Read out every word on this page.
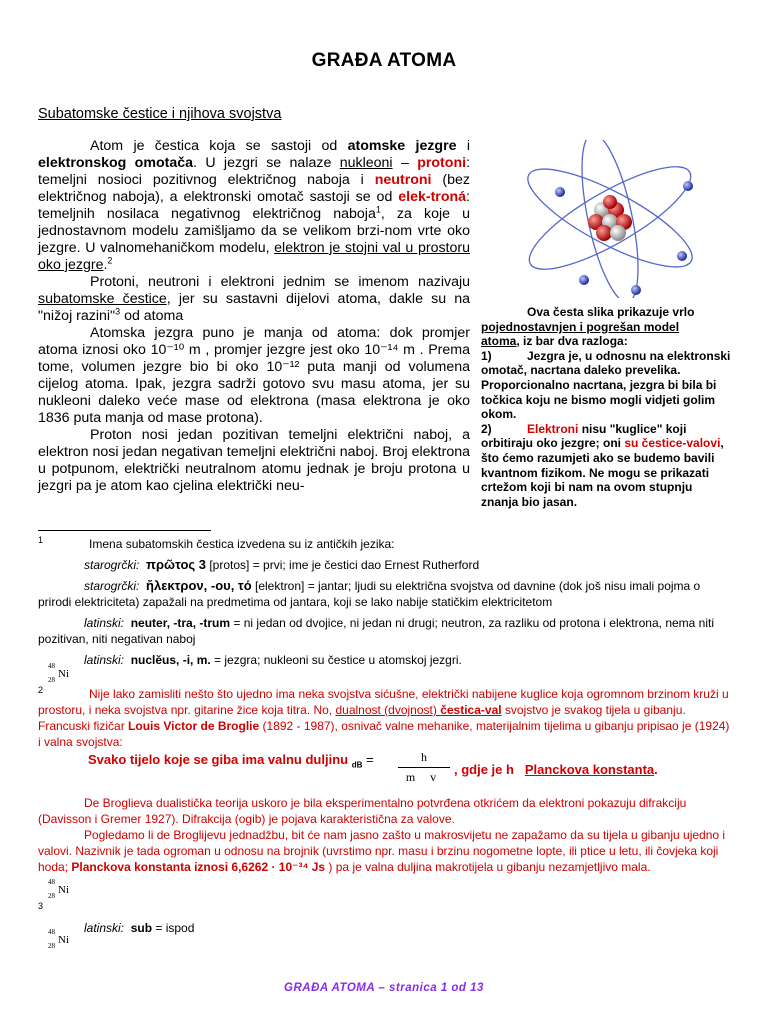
GRAĐA ATOMA
Subatomske čestice i njihova svojstva

Atom je čestica koja se sastoji od atomske jezgre i elektronskog omotača. U jezgri se nalaze nukleoni – protoni: temeljni nosioci pozitivnog električnog naboja i neutroni (bez električnog naboja), a elektronski omotač sastoji se od elek-troná: temeljnih nosilaca negativnog električnog naboja$^1$, za koje u jednostavnom modelu zamišljamo da se velikom brzi-nom vrte oko jezgre. U valnomehaničkom modelu, elektron je stojni val u prostoru oko jezgre.$^2$

Protoni, neutroni i elektroni jednim se imenom nazivaju subatomske čestice, jer su sastavni dijelovi atoma, dakle su na "nižoj razini"$^3$ od atoma

Atomska jezgra puno je manja od atoma: dok promjer atoma iznosi oko 10⁻¹⁰ m , promjer jezgre jest oko 10⁻¹⁴ m . Prema tome, volumen jezgre bio bi oko 10⁻¹² puta manji od volumena cijelog atoma. Ipak, jezgra sadrži gotovo svu masu atoma, jer su nukleoni daleko veće mase od elektrona (masa elektrona je oko 1836 puta manja od mase protona).

Proton nosi jedan pozitivan temeljni električni naboj, a elektron nosi jedan negativan temeljni električni naboj. Broj elektrona u potpunom, električki neutralnom atomu jednak je broju protona u jezgri pa je atom kao cjelina električki neu-

Ova česta slika prikazuje vrlo
pojednostavnjen i pogrešan model
atoma, iz bar dva razloga:
1)	Jezgra je, u odnosnu na elektronski omotač, nacrtana daleko prevelika. Proporcionalno nacrtana, jezgra bi bila bi točkica koju ne bismo mogli vidjeti golim okom.
2)	Elektroni nisu "kuglice" koji orbitiraju oko jezgre; oni su čestice-valovi, što ćemo razumjeti ako se budemo bavili kvantnom fizikom. Ne mogu se prikazati crtežom koji bi nam na ovom stupnju znanja bio jasan.
$^1$	Imena subatomskih čestica izvedena su iz antičkih jezika:
starogrčki: πρῶτος 3 [protos] = prvi; ime je čestici dao Ernest Rutherford
starogrčki: ἤλεκτρον, -ου, τό [elektron] = jantar; ljudi su električna svojstva od davnine (dok još nisu imali pojma o prirodi elektriciteta) zapažali na predmetima od jantara, koji se lako nabije statičkim elektricitetom
latinski: neuter, -tra, -trum = ni jedan od dvojice, ni jedan ni drugi; neutron, za razliku od protona i elektrona, nema niti pozitivan, niti negativan naboj
latinski: nuclĕus, -i, m. = jezgra; nukleoni su čestice u atomskoj jezgri.
48
28 Ni
$^2$	Nije lako zamisliti nešto što ujedno ima neka svojstva sićušne, električki nabijene kuglice koja ogromnom brzinom kruži u prostoru, i neka svojstva npr. gitarine žice koja titra. No, dualnost (dvojnost) čestica-val svojstvo je svakog tijela u gibanju. Francuski fizičar Louis Victor de Broglie (1892 - 1987), osnivač valne mehanike, materijalnim tijelima u gibanju pripisao je (1924) i valna svojstva:
Svako tijelo koje se giba ima valnu duljinu $_{dB} = \frac{h}{\text{m v}}$ , gdje je h Planckova konstanta.
De Broglieva dualistička teorija uskoro je bila eksperimentalno potvrđena otkrićem da elektroni pokazuju difrakciju (Davisson i Gremer 1927). Difrakcija (ogib) je pojava karakteristična za valove.
Pogledamo li de Broglijevu jednadžbu, bit će nam jasno zašto u makrosvijetu ne zapažamo da su tijela u gibanju ujedno i valovi. Nazivnik je tada ogroman u odnosu na brojnik (uvrstimo npr. masu i brzinu nogometne lopte, ili ptice u letu, ili čovjeka koji hoda; Planckova konstanta iznosi 6,6262 · 10⁻³⁴ Js ) pa je valna duljina makrotijela u gibanju nezamjetljivo mala.
48
28 Ni
$^3$
latinski: sub = ispod
48
28 Ni
GRAĐA ATOMA – stranica 1 od 13
